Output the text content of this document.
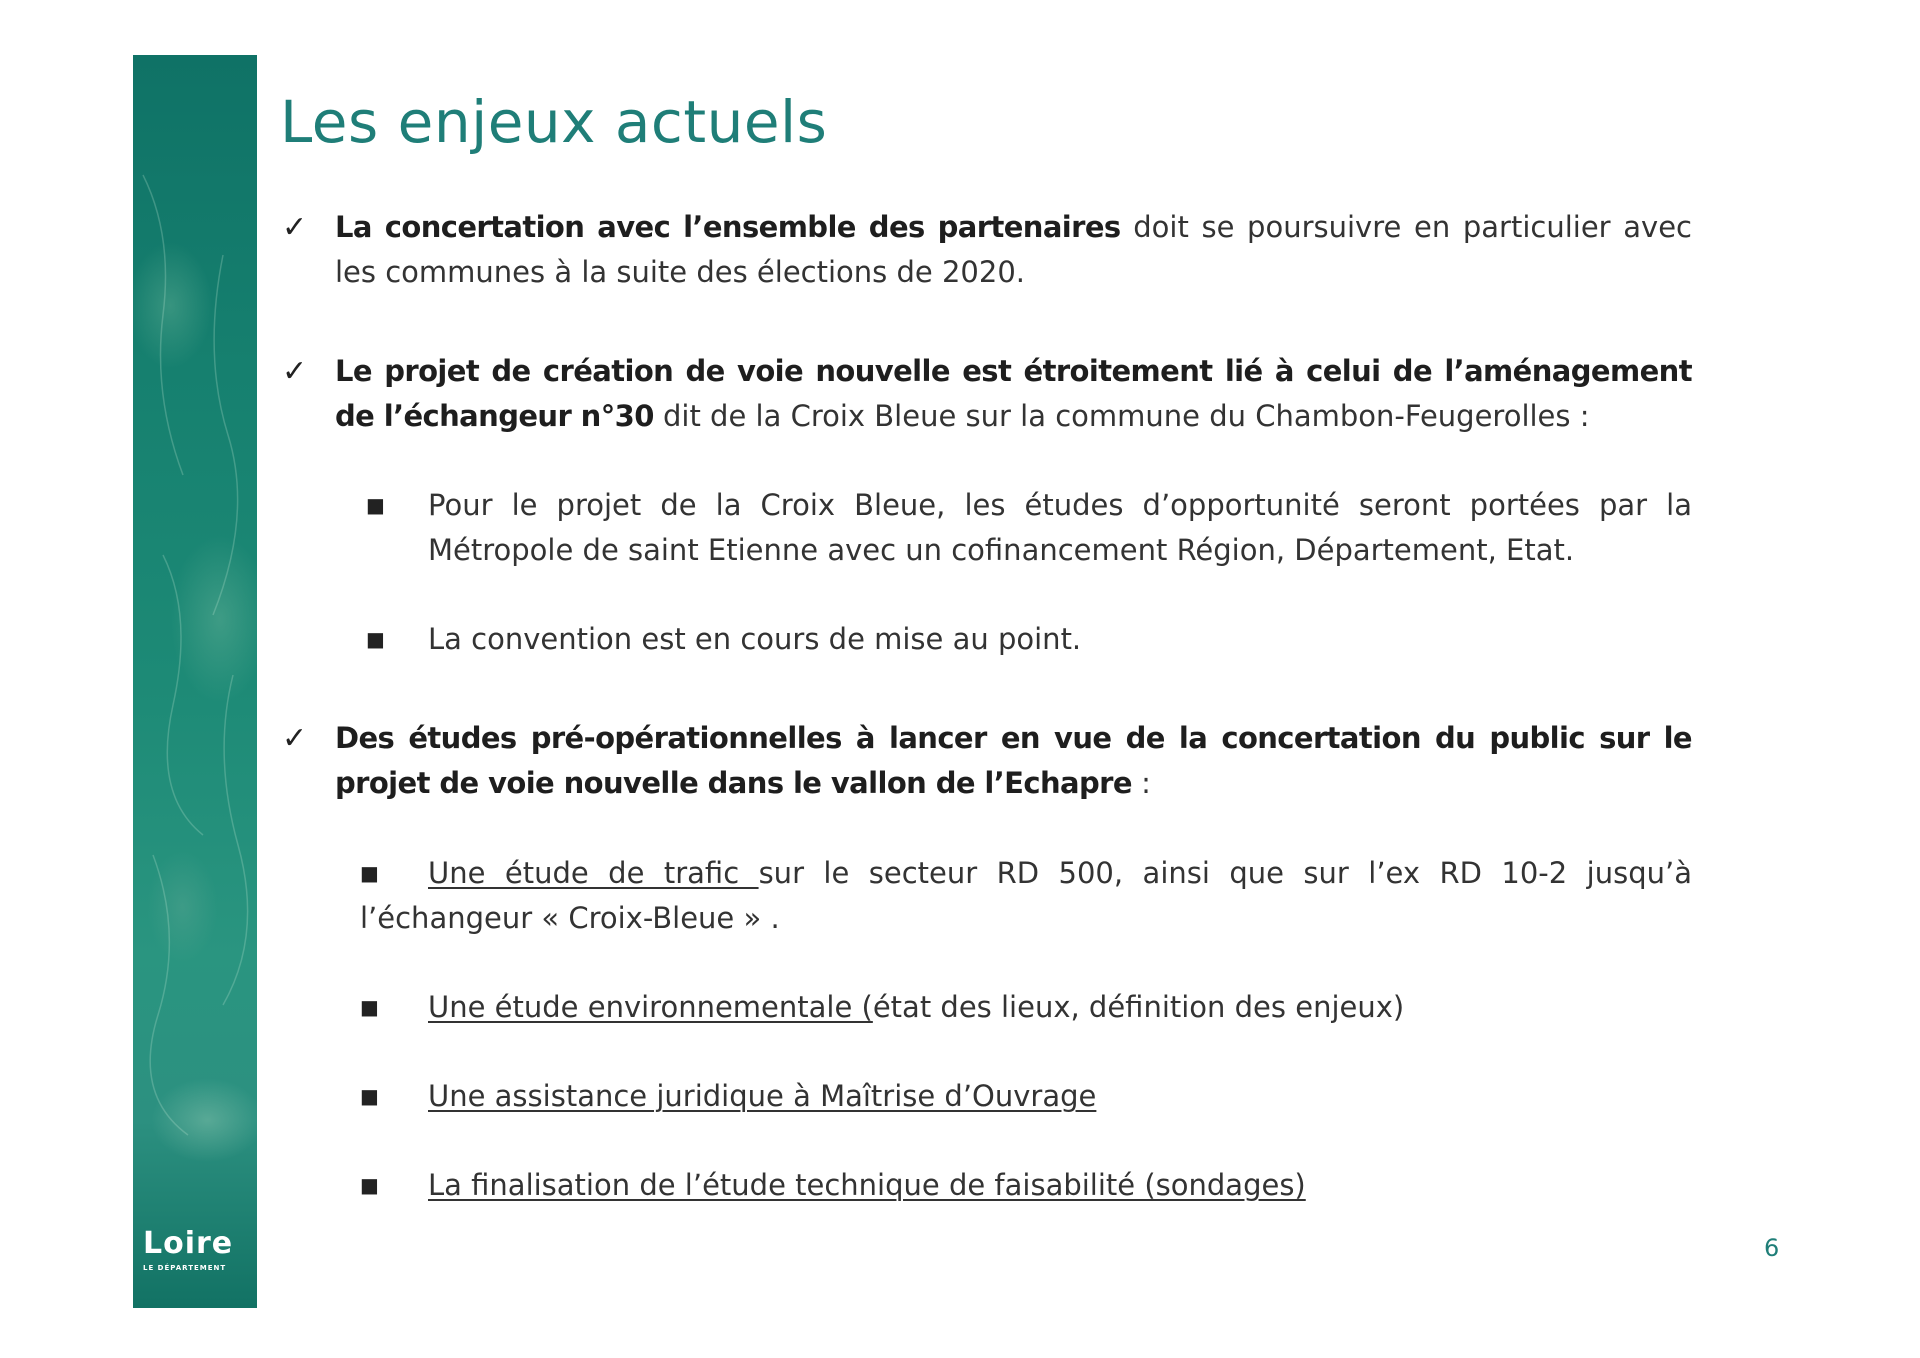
Loire
LE DÉPARTEMENT
Les enjeux actuels
✓ La concertation avec l’ensemble des partenaires doit se poursuivre en particulier avec les communes à la suite des élections de 2020.
✓ Le projet de création de voie nouvelle est étroitement lié à celui de l’aménagement de l’échangeur n°30 dit de la Croix Bleue sur la commune du Chambon-Feugerolles :
■ Pour le projet de la Croix Bleue, les études d’opportunité seront portées par la Métropole de saint Etienne avec un cofinancement Région, Département, Etat.
■ La convention est en cours de mise au point.
✓ Des études pré-opérationnelles à lancer en vue de la concertation du public sur le projet de voie nouvelle dans le vallon de l’Echapre :
■ Une étude de trafic sur le secteur RD 500, ainsi que sur l’ex RD 10-2 jusqu’à l’échangeur « Croix-Bleue » .
■ Une étude environnementale (état des lieux, définition des enjeux)
■ Une assistance juridique à Maîtrise d’Ouvrage
■ La finalisation de l’étude technique de faisabilité (sondages)
6
